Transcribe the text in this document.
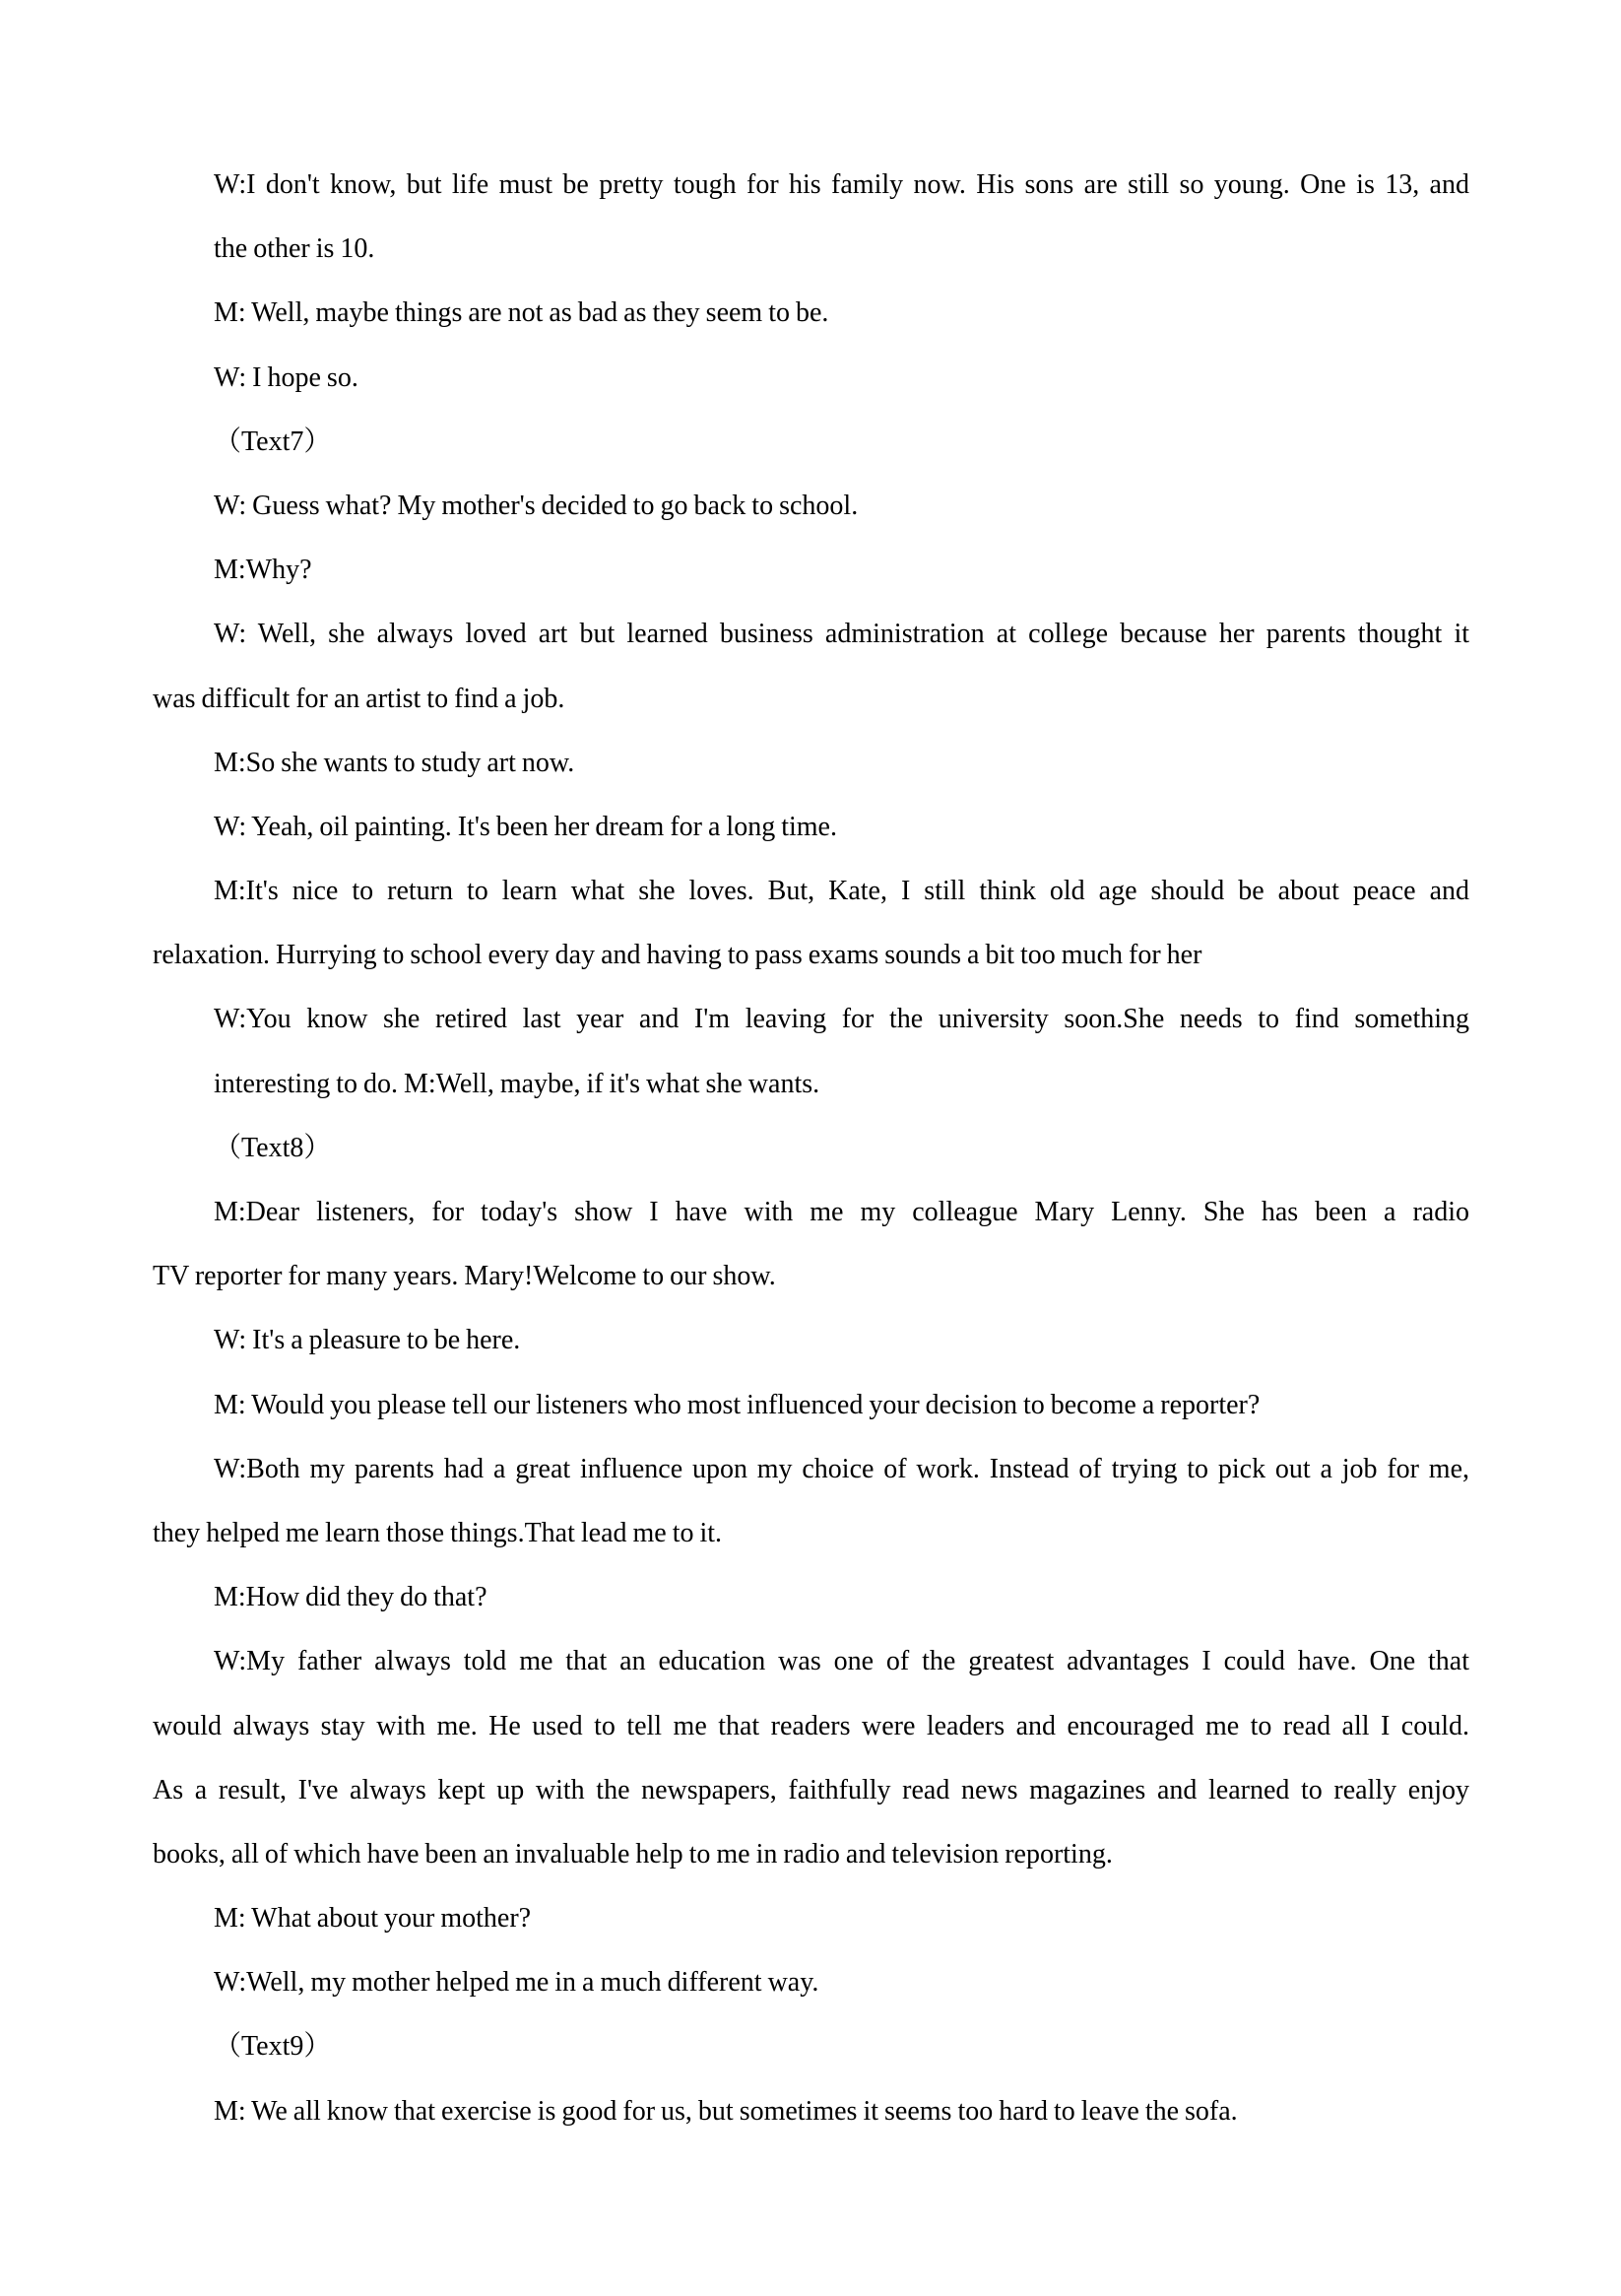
W:I don't know, but life must be pretty tough for his family now. His sons are still so young. One is 13, and
the other is 10.
M: Well, maybe things are not as bad as they seem to be.
W: I hope so.
（Text7）
W: Guess what? My mother's decided to go back to school.
M:Why?
W: Well, she always loved art but learned business administration at college because her parents thought it
was difficult for an artist to find a job.
M:So she wants to study art now.
W: Yeah, oil painting. It's been her dream for a long time.
M:It's nice to return to learn what she loves. But, Kate, I still think old age should be about peace and
relaxation. Hurrying to school every day and having to pass exams sounds a bit too much for her
W:You know she retired last year and I'm leaving for the university soon.She needs to find something
interesting to do. M:Well, maybe, if it's what she wants.
（Text8）
M:Dear listeners, for today's show I have with me my colleague Mary Lenny. She has been a radio
TV reporter for many years. Mary!Welcome to our show.
W: It's a pleasure to be here.
M: Would you please tell our listeners who most influenced your decision to become a reporter?
W:Both my parents had a great influence upon my choice of work. Instead of trying to pick out a job for me,
they helped me learn those things.That lead me to it.
M:How did they do that?
W:My father always told me that an education was one of the greatest advantages I could have. One that
would always stay with me. He used to tell me that readers were leaders and encouraged me to read all I could.
As a result, I've always kept up with the newspapers, faithfully read news magazines and learned to really enjoy
books, all of which have been an invaluable help to me in radio and television reporting.
M: What about your mother?
W:Well, my mother helped me in a much different way.
（Text9）
M: We all know that exercise is good for us, but sometimes it seems too hard to leave the sofa.
